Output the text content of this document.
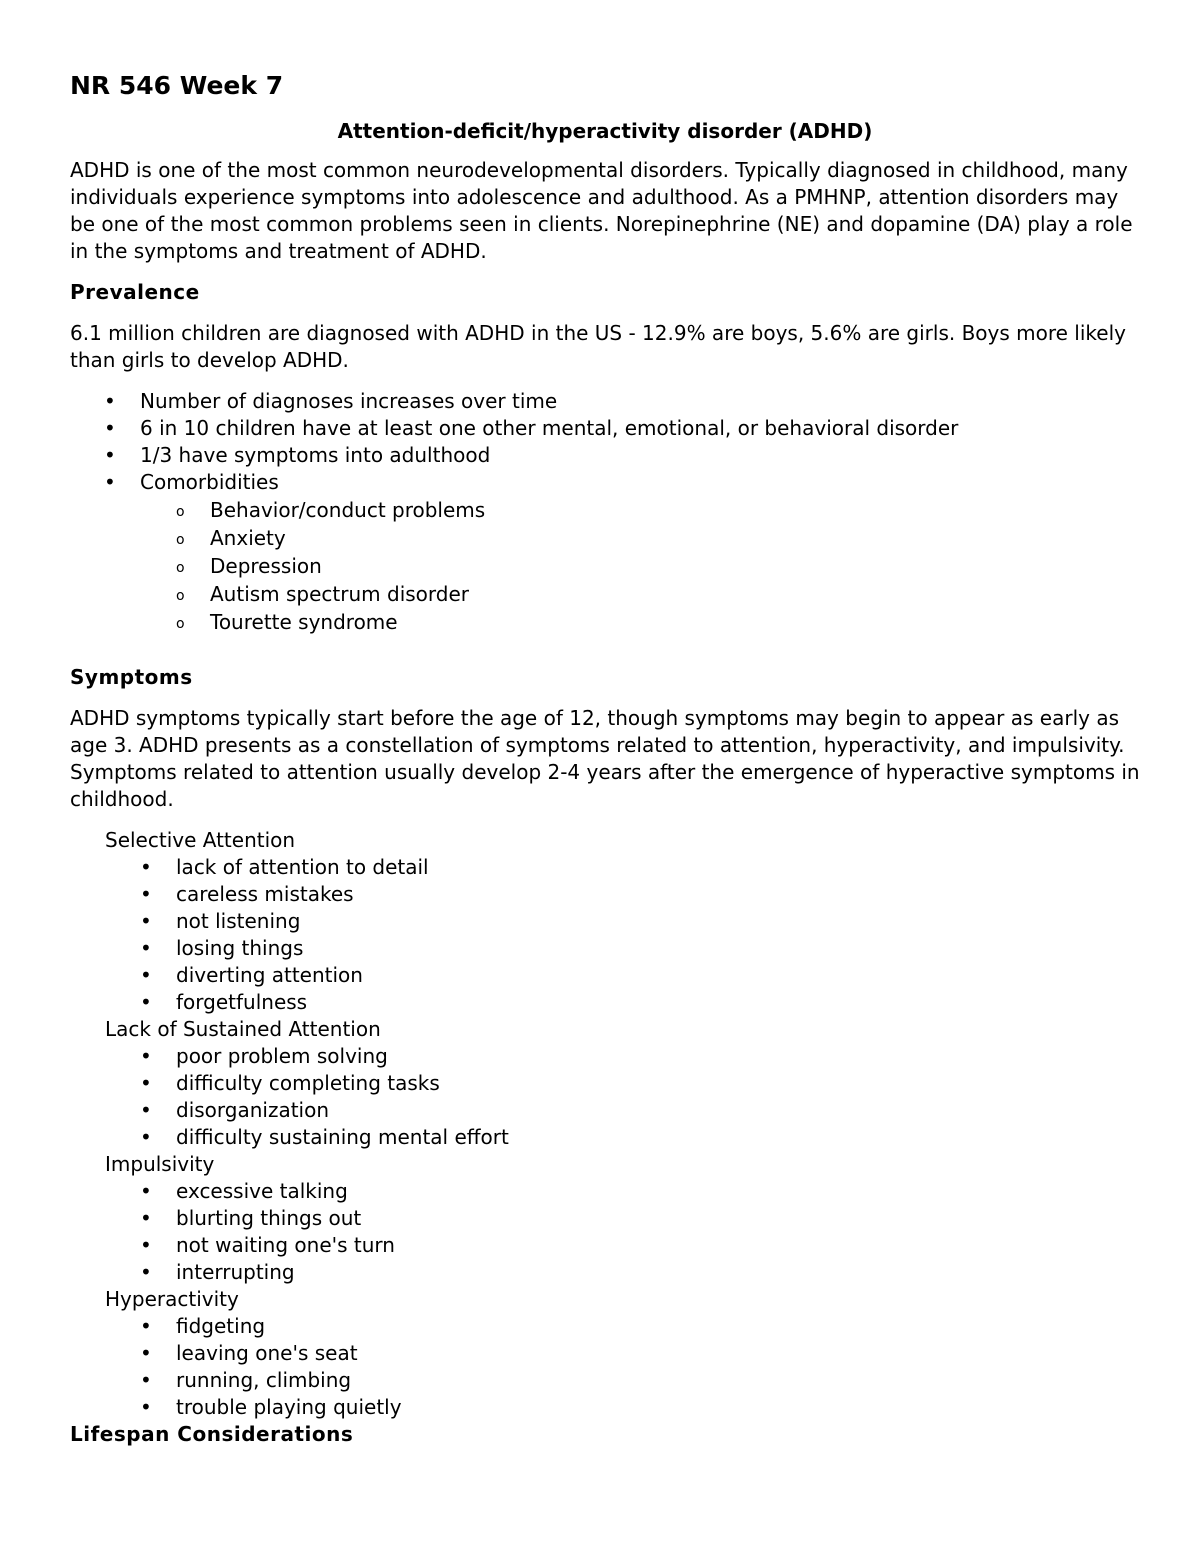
NR 546 Week 7
Attention-deficit/hyperactivity disorder (ADHD)
ADHD is one of the most common neurodevelopmental disorders. Typically diagnosed in childhood, many individuals experience symptoms into adolescence and adulthood. As a PMHNP, attention disorders may be one of the most common problems seen in clients. Norepinephrine (NE) and dopamine (DA) play a role in the symptoms and treatment of ADHD.
Prevalence
6.1 million children are diagnosed with ADHD in the US - 12.9% are boys, 5.6% are girls. Boys more likely than girls to develop ADHD.
• Number of diagnoses increases over time
• 6 in 10 children have at least one other mental, emotional, or behavioral disorder
• 1/3 have symptoms into adulthood
• Comorbidities
o Behavior/conduct problems
o Anxiety
o Depression
o Autism spectrum disorder
o Tourette syndrome
Symptoms
ADHD symptoms typically start before the age of 12, though symptoms may begin to appear as early as age 3. ADHD presents as a constellation of symptoms related to attention, hyperactivity, and impulsivity. Symptoms related to attention usually develop 2-4 years after the emergence of hyperactive symptoms in childhood.
Selective Attention
• lack of attention to detail
• careless mistakes
• not listening
• losing things
• diverting attention
• forgetfulness
Lack of Sustained Attention
• poor problem solving
• difficulty completing tasks
• disorganization
• difficulty sustaining mental effort
Impulsivity
• excessive talking
• blurting things out
• not waiting one's turn
• interrupting
Hyperactivity
• fidgeting
• leaving one's seat
• running, climbing
• trouble playing quietly
Lifespan Considerations
